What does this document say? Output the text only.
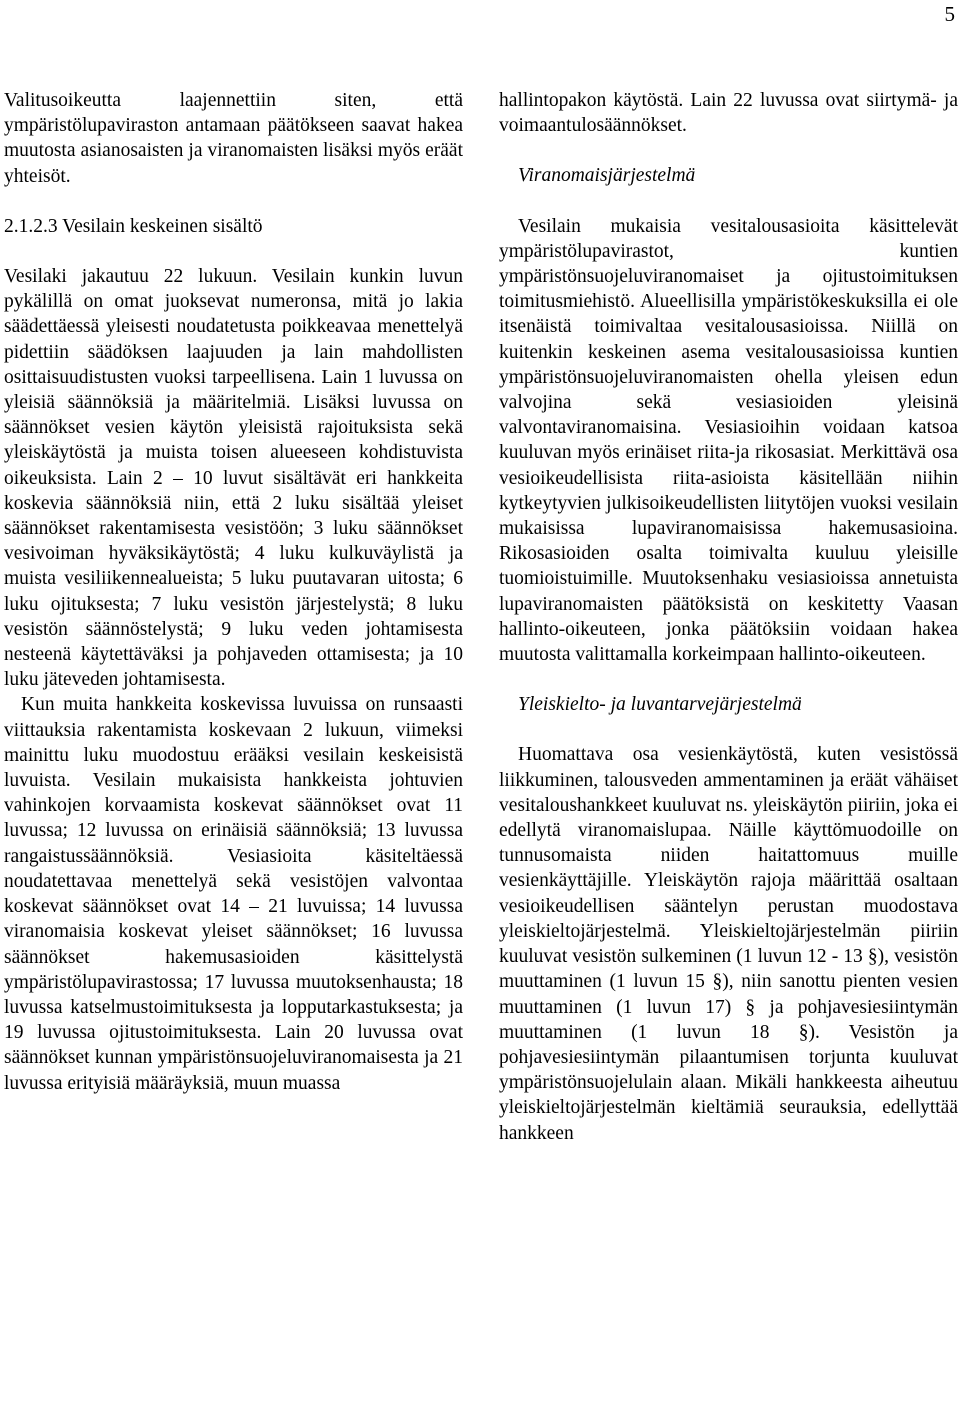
5

Valitusoikeutta laajennettiin siten, että ympäristölupaviraston antamaan päätökseen saavat hakea muutosta asianosaisten ja viranomaisten lisäksi myös eräät yhteisöt.

2.1.2.3 Vesilain keskeinen sisältö

Vesilaki jakautuu 22 lukuun. Vesilain kunkin luvun pykälillä on omat juoksevat numeronsa, mitä jo lakia säädettäessä yleisesti noudatetusta poikkeavaa menettelyä pidettiin säädöksen laajuuden ja lain mahdollisten osittaisuudistusten vuoksi tarpeellisena. Lain 1 luvussa on yleisiä säännöksiä ja määritelmiä. Lisäksi luvussa on säännökset vesien käytön yleisistä rajoituksista sekä yleiskäytöstä ja muista toisen alueeseen kohdistuvista oikeuksista. Lain 2 – 10 luvut sisältävät eri hankkeita koskevia säännöksiä niin, että 2 luku sisältää yleiset säännökset rakentamisesta vesistöön; 3 luku säännökset vesivoiman hyväksikäytöstä; 4 luku kulkuväylistä ja muista vesiliikennealueista; 5 luku puutavaran uitosta; 6 luku ojituksesta; 7 luku vesistön järjestelystä; 8 luku vesistön säännöstelystä; 9 luku veden johtamisesta nesteenä käytettäväksi ja pohjaveden ottamisesta; ja 10 luku jäteveden johtamisesta.

Kun muita hankkeita koskevissa luvuissa on runsaasti viittauksia rakentamista koskevaan 2 lukuun, viimeksi mainittu luku muodostuu erääksi vesilain keskeisistä luvuista. Vesilain mukaisista hankkeista johtuvien vahinkojen korvaamista koskevat säännökset ovat 11 luvussa; 12 luvussa on erinäisiä säännöksiä; 13 luvussa rangaistussäännöksiä. Vesiasioita käsiteltäessä noudatettavaa menettelyä sekä vesistöjen valvontaa koskevat säännökset ovat 14 – 21 luvuissa; 14 luvussa viranomaisia koskevat yleiset säännökset; 16 luvussa säännökset hakemusasioiden käsittelystä ympäristölupavirastossa; 17 luvussa muutoksenhausta; 18 luvussa katselmustoimituksesta ja lopputarkastuksesta; ja 19 luvussa ojitustoimituksesta. Lain 20 luvussa ovat säännökset kunnan ympäristönsuojeluviranomaisesta ja 21 luvussa erityisiä määräyksiä, muun muassa

hallintopakon käytöstä. Lain 22 luvussa ovat siirtymä- ja voimaantulosäännökset.

Viranomaisjärjestelmä

Vesilain mukaisia vesitalousasioita käsittelevät ympäristölupavirastot, kuntien ympäristönsuojeluviranomaiset ja ojitustoimituksen toimitusmiehistö. Alueellisilla ympäristökeskuksilla ei ole itsenäistä toimivaltaa vesitalousasioissa. Niillä on kuitenkin keskeinen asema vesitalousasioissa kuntien ympäristönsuojeluviranomaisten ohella yleisen edun valvojina sekä vesiasioiden yleisinä valvontaviranomaisina. Vesiasioihin voidaan katsoa kuuluvan myös erinäiset riita-ja rikosasiat. Merkittävä osa vesioikeudellisista riita-asioista käsitellään niihin kytkeytyvien julkisoikeudellisten liitytöjen vuoksi vesilain mukaisissa lupaviranomaisissa hakemusasioina. Rikosasioiden osalta toimivalta kuuluu yleisille tuomioistuimille. Muutoksenhaku vesiasioissa annetuista lupaviranomaisten päätöksistä on keskitetty Vaasan hallinto-oikeuteen, jonka päätöksiin voidaan hakea muutosta valittamalla korkeimpaan hallinto-oikeuteen.

Yleiskielto- ja luvantarvejärjestelmä

Huomattava osa vesienkäytöstä, kuten vesistössä liikkuminen, talousveden ammentaminen ja eräät vähäiset vesitaloushankkeet kuuluvat ns. yleiskäytön piiriin, joka ei edellytä viranomaislupaa. Näille käyttömuodoille on tunnusomaista niiden haitattomuus muille vesienkäyttäjille. Yleiskäytön rajoja määrittää osaltaan vesioikeudellisen sääntelyn perustan muodostava yleiskieltojärjestelmä. Yleiskieltojärjestelmän piiriin kuuluvat vesistön sulkeminen (1 luvun 12 - 13 §), vesistön muuttaminen (1 luvun 15 §), niin sanottu pienten vesien muuttaminen (1 luvun 17) § ja pohjavesiesiintymän muuttaminen (1 luvun 18 §). Vesistön ja pohjavesiesiintymän pilaantumisen torjunta kuuluvat ympäristönsuojelulain alaan. Mikäli hankkeesta aiheutuu yleiskieltojärjestelmän kieltämiä seurauksia, edellyttää hankkeen
